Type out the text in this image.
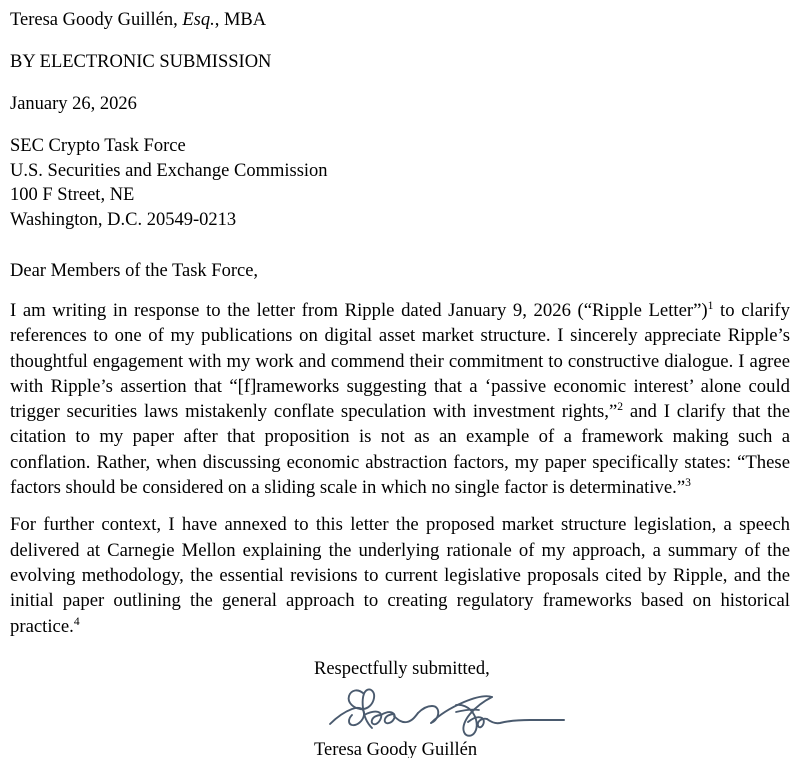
Teresa Goody Guillén, Esq., MBA
BY ELECTRONIC SUBMISSION
January 26, 2026
SEC Crypto Task Force
U.S. Securities and Exchange Commission
100 F Street, NE
Washington, D.C. 20549-0213
Dear Members of the Task Force,

I am writing in response to the letter from Ripple dated January 9, 2026 (“Ripple Letter”)$^1$ to clarify references to one of my publications on digital asset market structure. I sincerely appreciate Ripple’s thoughtful engagement with my work and commend their commitment to constructive dialogue. I agree with Ripple’s assertion that “[f]rameworks suggesting that a ‘passive economic interest’ alone could trigger securities laws mistakenly conflate speculation with investment rights,”$^2$ and I clarify that the citation to my paper after that proposition is not as an example of a framework making such a conflation. Rather, when discussing economic abstraction factors, my paper specifically states: “These factors should be considered on a sliding scale in which no single factor is determinative.”$^3$

For further context, I have annexed to this letter the proposed market structure legislation, a speech delivered at Carnegie Mellon explaining the underlying rationale of my approach, a summary of the evolving methodology, the essential revisions to current legislative proposals cited by Ripple, and the initial paper outlining the general approach to creating regulatory frameworks based on historical practice.$^4$

Respectfully submitted,
Teresa Goody Guillén
